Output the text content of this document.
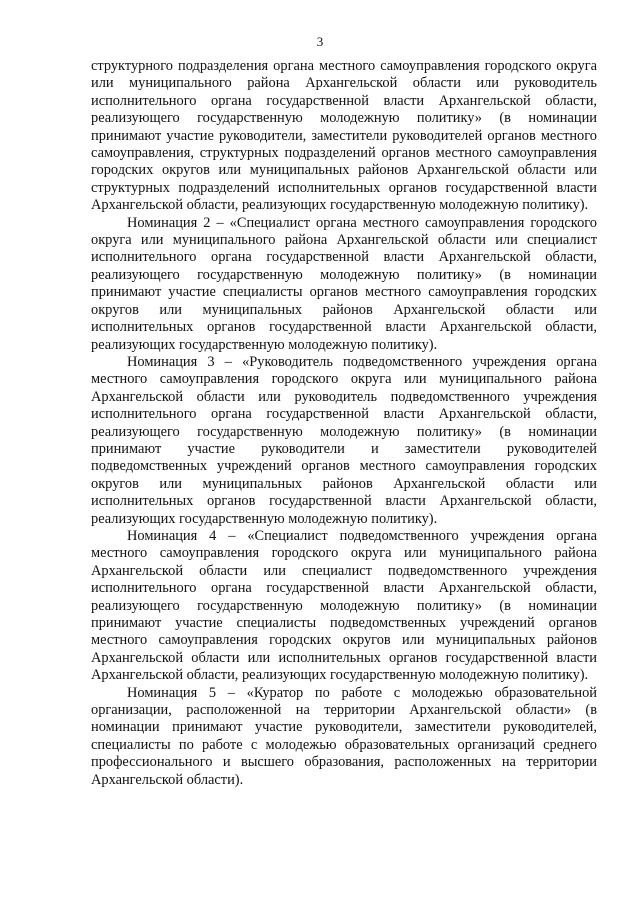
3

структурного подразделения органа местного самоуправления городского округа или муниципального района Архангельской области или руководитель исполнительного органа государственной власти Архангельской области, реализующего государственную молодежную политику» (в номинации принимают участие руководители, заместители руководителей органов местного самоуправления, структурных подразделений органов местного самоуправления городских округов или муниципальных районов Архангельской области или структурных подразделений исполнительных органов государственной власти Архангельской области, реализующих государственную молодежную политику).

Номинация 2 – «Специалист органа местного самоуправления городского округа или муниципального района Архангельской области или специалист исполнительного органа государственной власти Архангельской области, реализующего государственную молодежную политику» (в номинации принимают участие специалисты органов местного самоуправления городских округов или муниципальных районов Архангельской области или исполнительных органов государственной власти Архангельской области, реализующих государственную молодежную политику).

Номинация 3 – «Руководитель подведомственного учреждения органа местного самоуправления городского округа или муниципального района Архангельской области или руководитель подведомственного учреждения исполнительного органа государственной власти Архангельской области, реализующего государственную молодежную политику» (в номинации принимают участие руководители и заместители руководителей подведомственных учреждений органов местного самоуправления городских округов или муниципальных районов Архангельской области или исполнительных органов государственной власти Архангельской области, реализующих государственную молодежную политику).

Номинация 4 – «Специалист подведомственного учреждения органа местного самоуправления городского округа или муниципального района Архангельской области или специалист подведомственного учреждения исполнительного органа государственной власти Архангельской области, реализующего государственную молодежную политику» (в номинации принимают участие специалисты подведомственных учреждений органов местного самоуправления городских округов или муниципальных районов Архангельской области или исполнительных органов государственной власти Архангельской области, реализующих государственную молодежную политику).

Номинация 5 – «Куратор по работе с молодежью образовательной организации, расположенной на территории Архангельской области» (в номинации принимают участие руководители, заместители руководителей, специалисты по работе с молодежью образовательных организаций среднего профессионального и высшего образования, расположенных на территории Архангельской области).
